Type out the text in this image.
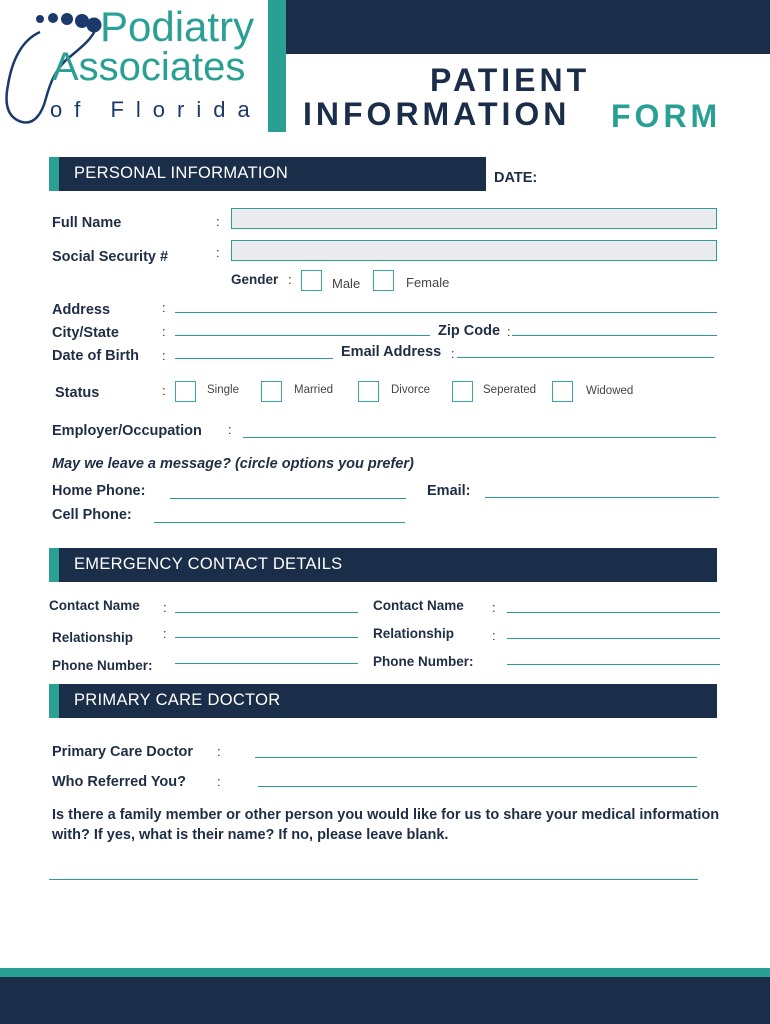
Podiatry
Associates
of Florida
PATIENT
INFORMATION FORM
PERSONAL INFORMATION	DATE:
Full Name	:
Social Security #	:
Gender :	Male	Female
Address	:
City/State	:	Zip Code :
Date of Birth :	Email Address :
Status	:	Single	Married	Divorce	Seperated	Widowed
Employer/Occupation :
May we leave a message? (circle options you prefer)
Home Phone:	Email:
Cell Phone:
EMERGENCY CONTACT DETAILS
Contact Name :	Contact Name :
Relationship :	Relationship	:
Phone Number:	Phone Number:
PRIMARY CARE DOCTOR
Primary Care Doctor :
Who Referred You? :
Is there a family member or other person you would like for us to share your medical information with? If yes, what is their name? If no, please leave blank.
